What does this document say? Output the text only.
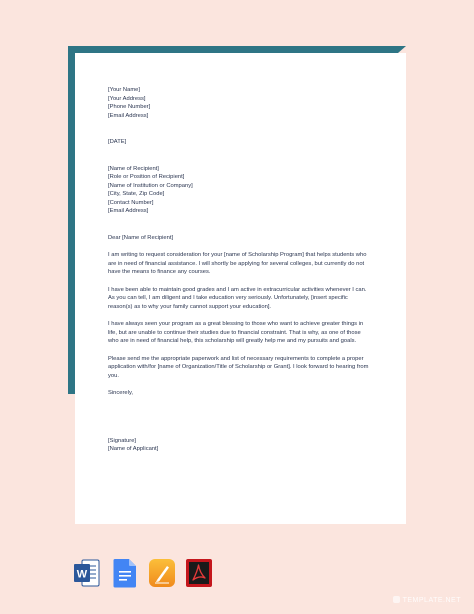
[Your Name]
[Your Address]
[Phone Number]
[Email Address]
[DATE]
[Name of Recipient]
[Role or Position of Recipient]
[Name of Institution or Company]
[City, State, Zip Code]
[Contact Number]
[Email Address]
Dear [Name of Recipient]

I am writing to request consideration for your [name of Scholarship Program] that helps students who are in need of financial assistance. I will shortly be applying for several colleges, but currently do not have the means to finance any courses.

I have been able to maintain good grades and I am active in extracurricular activities whenever I can. As you can tell, I am diligent and I take education very seriously. Unfortunately, [insert specific reason(s) as to why your family cannot support your education].

I have always seen your program as a great blessing to those who want to achieve greater things in life, but are unable to continue their studies due to financial constraint. That is why, as one of those who are in need of financial help, this scholarship will greatly help me and my pursuits and goals.

Please send me the appropriate paperwork and list of necessary requirements to complete a proper application with/for [name of Organization/Title of Scholarship or Grant]. I look forward to hearing from you.

Sincerely,
[Signature]
[Name of Applicant]
W
TEMPLATE.NET
